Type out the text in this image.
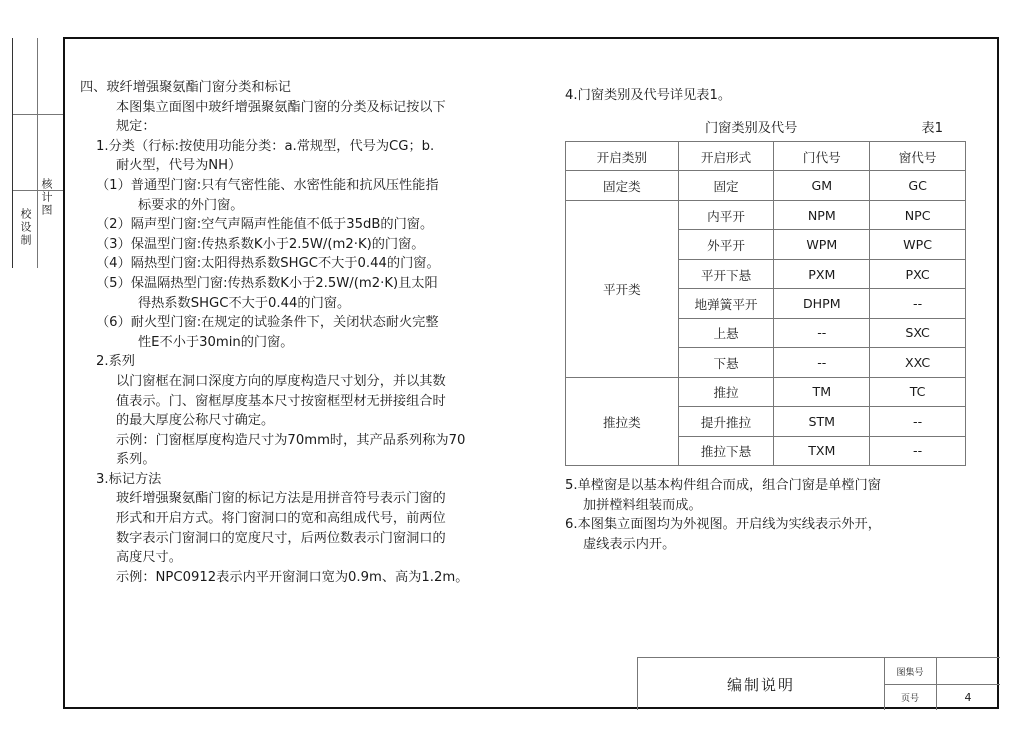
核计图
校设制

四、玻纤增强聚氨酯门窗分类和标记

本图集立面图中玻纤增强聚氨酯门窗的分类及标记按以下

规定：

1.分类（行标:按使用功能分类：a.常规型，代号为CG；b.

耐火型，代号为NH）

（1）普通型门窗:只有气密性能、水密性能和抗风压性能指

标要求的外门窗。

（2）隔声型门窗:空气声隔声性能值不低于35dB的门窗。

（3）保温型门窗:传热系数K小于2.5W/(m2·K)的门窗。

（4）隔热型门窗:太阳得热系数SHGC不大于0.44的门窗。

（5）保温隔热型门窗:传热系数K小于2.5W/(m2·K)且太阳

得热系数SHGC不大于0.44的门窗。

（6）耐火型门窗:在规定的试验条件下，关闭状态耐火完整

性E不小于30min的门窗。

2.系列

以门窗框在洞口深度方向的厚度构造尺寸划分，并以其数

值表示。门、窗框厚度基本尺寸按窗框型材无拼接组合时

的最大厚度公称尺寸确定。

示例：门窗框厚度构造尺寸为70mm时，其产品系列称为70

系列。

3.标记方法

玻纤增强聚氨酯门窗的标记方法是用拼音符号表示门窗的

形式和开启方式。将门窗洞口的宽和高组成代号，前两位

数字表示门窗洞口的宽度尺寸，后两位数表示门窗洞口的

高度尺寸。

示例：NPC0912表示内平开窗洞口宽为0.9m、高为1.2m。

4.门窗类别及代号详见表1。

门窗类别及代号	表1
开启类别	开启形式	门代号	窗代号
固定类	固定	GM	GC
平开类	内平开	NPM	NPC
	外平开	WPM	WPC
	平开下悬	PXM	PXC
	地弹簧平开	DHPM	--
	上悬	--	SXC
	下悬	--	XXC
推拉类	推拉	TM	TC
	提升推拉	STM	--
	推拉下悬	TXM	--

5.单樘窗是以基本构件组合而成，组合门窗是单樘门窗

加拼樘料组装而成。

6.本图集立面图均为外视图。开启线为实线表示外开，

虚线表示内开。

编制说明
图集号
页号	4
